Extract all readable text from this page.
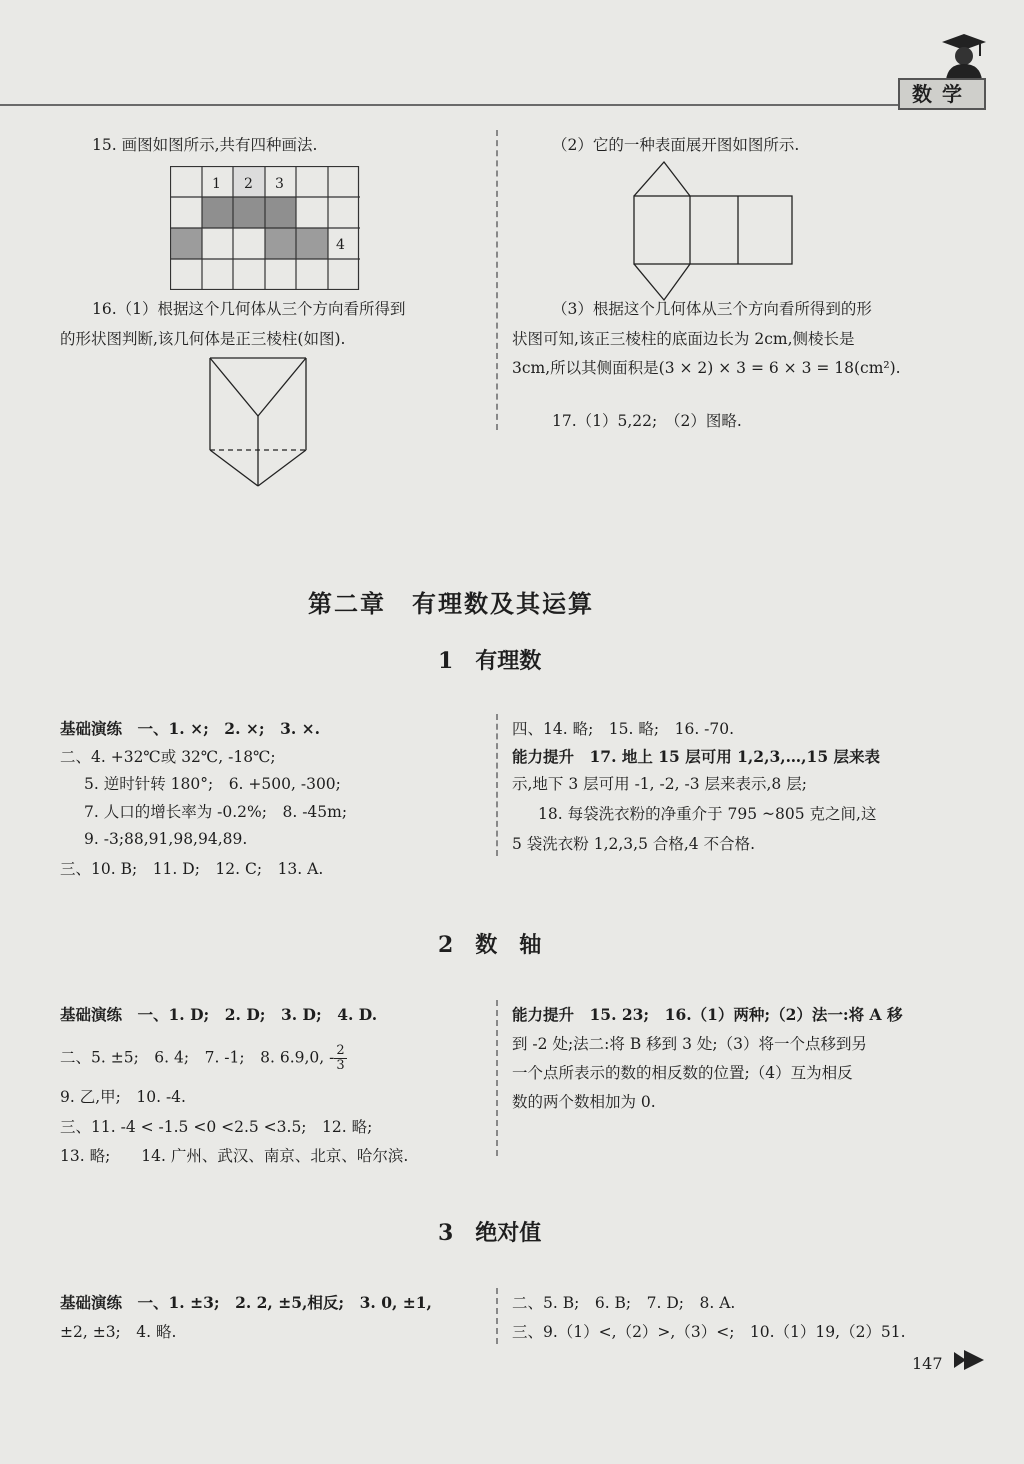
数学
15. 画图如图所示,共有四种画法.
1 2 3
4
16.（1）根据这个几何体从三个方向看所得到
的形状图判断,该几何体是正三棱柱(如图).
（2）它的一种表面展开图如图所示.
（3）根据这个几何体从三个方向看所得到的形
状图可知,该正三棱柱的底面边长为 2cm,侧棱长是
3cm,所以其侧面积是(3 × 2) × 3 = 6 × 3 = 18(cm²).
17.（1）5,22;　（2）图略.
第二章　有理数及其运算
1　有理数
基础演练　一、1. ×;　2. ×;　3. ×.
二、4. +32℃或 32℃, -18℃;
5. 逆时针转 180°;　6. +500, -300;
7. 人口的增长率为 -0.2%;　8. -45m;
9. -3;88,91,98,94,89.
三、10. B;　11. D;　12. C;　13. A.
四、14. 略;　15. 略;　16. -70.
能力提升　17. 地上 15 层可用 1,2,3,…,15 层来表
示,地下 3 层可用 -1, -2, -3 层来表示,8 层;
18. 每袋洗衣粉的净重介于 795 ~805 克之间,这
5 袋洗衣粉 1,2,3,5 合格,4 不合格.
2　数　轴
基础演练　一、1. D;　2. D;　3. D;　4. D.
二、5. ±5;　6. 4;　7. -1;　8. 6.9,0, - $\frac{2}{3}$
9. 乙,甲;　10. -4.
三、11. -4 < -1.5 <0 <2.5 <3.5;　12. 略;
13. 略;　　14. 广州、武汉、南京、北京、哈尔滨.
能力提升　15. 23;　16.（1）两种;（2）法一:将 A 移
到 -2 处;法二:将 B 移到 3 处;（3）将一个点移到另
一个点所表示的数的相反数的位置;（4）互为相反
数的两个数相加为 0.
3　绝对值
基础演练　一、1. ±3;　2. 2, ±5,相反;　3. 0, ±1,
±2, ±3;　4. 略.
二、5. B;　6. B;　7. D;　8. A.
三、9.（1）<,（2）>,（3）<;　10.（1）19,（2）51.
147
